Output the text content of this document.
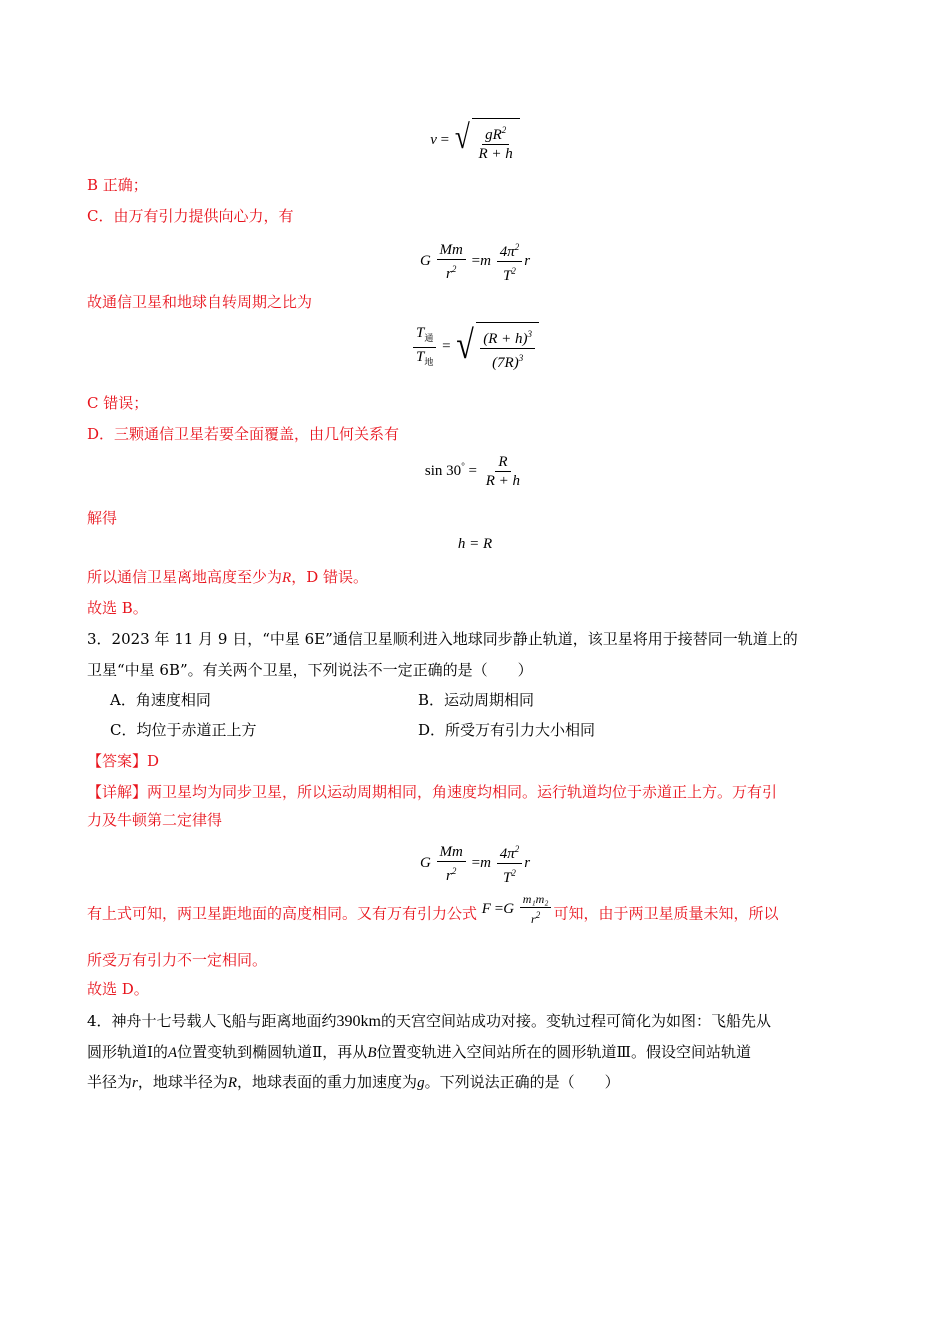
v = √ $\frac{gR^2}{R + h}$
B 正确；
C．由万有引力提供向心力，有
G $\frac{Mm}{r^2} =m \frac{4\pi^2}{T^2}$ r
故通信卫星和地球自转周期之比为
$\frac{T_通}{T_地}$ = √ $\frac{(R + h)^3}{(7R)^3}$
C 错误；
D．三颗通信卫星若要全面覆盖，由几何关系有
$\sin 30^\circ = \frac{R}{R + h}$
解得
h = R
所以通信卫星离地高度至少为R，D 错误。
故选 B。
3．2023 年 11 月 9 日，“中星 6E”通信卫星顺利进入地球同步静止轨道，该卫星将用于接替同一轨道上的
卫星“中星 6B”。有关两个卫星，下列说法不一定正确的是（　　）
A．角速度相同	B．运动周期相同
C．均位于赤道正上方	D．所受万有引力大小相同
【答案】D
【详解】两卫星均为同步卫星，所以运动周期相同，角速度均相同。运行轨道均位于赤道正上方。万有引
力及牛顿第二定律得
G $\frac{Mm}{r^2} =m \frac{4\pi^2}{T^2}$ r
有上式可知，两卫星距地面的高度相同。又有万有引力公式 $F =G \frac{\text{m₁m₂}}{r^2}$ 可知，由于两卫星质量未知，所以
所受万有引力不一定相同。
故选 D。
4．神舟十七号载人飞船与距离地面约390km的天宫空间站成功对接。变轨过程可简化为如图：飞船先从
圆形轨道Ⅰ的A位置变轨到椭圆轨道Ⅱ，再从B位置变轨进入空间站所在的圆形轨道Ⅲ。假设空间站轨道
半径为r，地球半径为R，地球表面的重力加速度为g。下列说法正确的是（　　）
